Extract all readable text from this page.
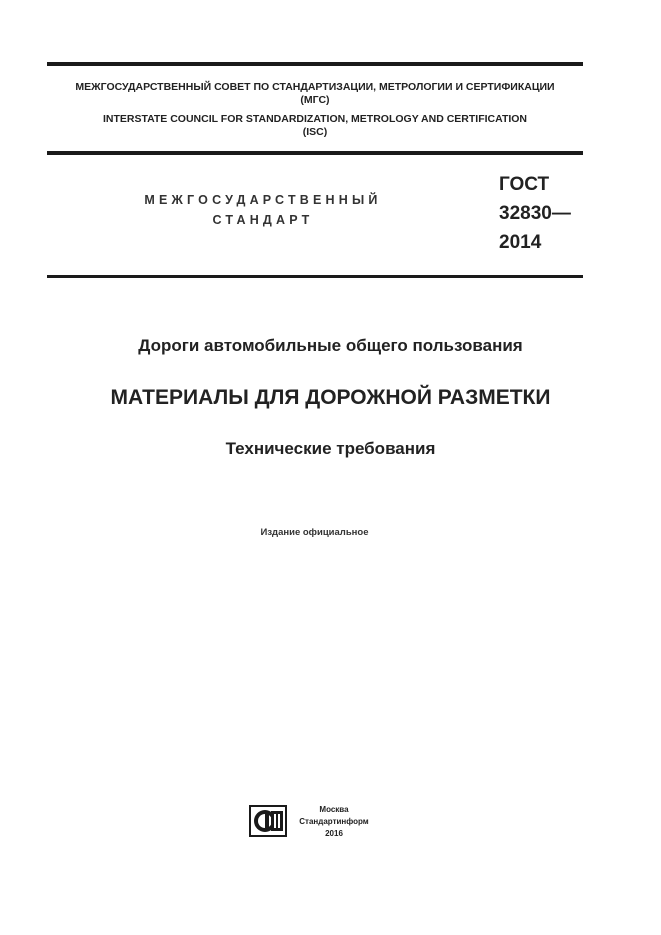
МЕЖГОСУДАРСТВЕННЫЙ СОВЕТ ПО СТАНДАРТИЗАЦИИ, МЕТРОЛОГИИ И СЕРТИФИКАЦИИ
(МГС)
INTERSTATE COUNCIL FOR STANDARDIZATION, METROLOGY AND CERTIFICATION
(ISC)
МЕЖГОСУДАРСТВЕННЫЙ
СТАНДАРТ
ГОСТ
32830—
2014
Дороги автомобильные общего пользования
МАТЕРИАЛЫ ДЛЯ ДОРОЖНОЙ РАЗМЕТКИ
Технические требования
Издание официальное
Москва
Стандартинформ
2016
